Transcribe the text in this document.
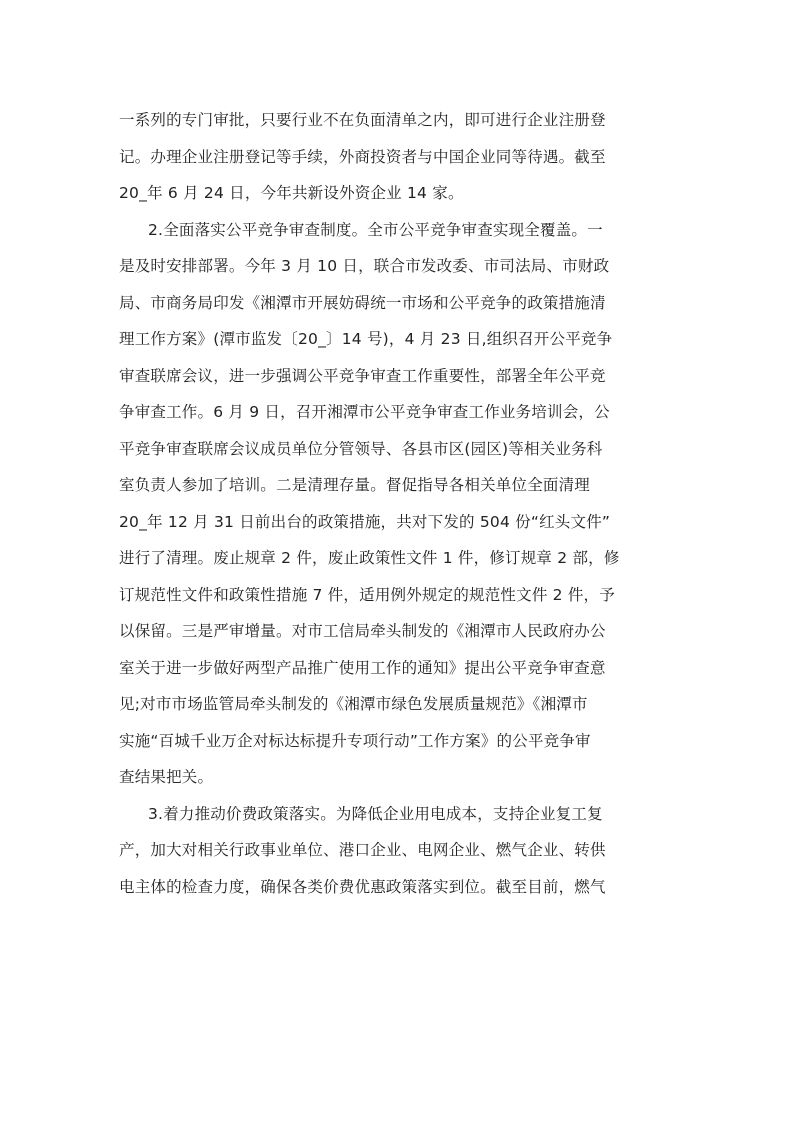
一系列的专门审批，只要行业不在负面清单之内，即可进行企业注册登
记。办理企业注册登记等手续，外商投资者与中国企业同等待遇。截至
20_年 6 月 24 日，今年共新设外资企业 14 家。
2.全面落实公平竞争审查制度。全市公平竞争审查实现全覆盖。一
是及时安排部署。今年 3 月 10 日，联合市发改委、市司法局、市财政
局、市商务局印发《湘潭市开展妨碍统一市场和公平竞争的政策措施清
理工作方案》(潭市监发〔20_〕14 号)，4 月 23 日,组织召开公平竞争
审查联席会议，进一步强调公平竞争审查工作重要性，部署全年公平竞
争审查工作。6 月 9 日，召开湘潭市公平竞争审查工作业务培训会，公
平竞争审查联席会议成员单位分管领导、各县市区(园区)等相关业务科
室负责人参加了培训。二是清理存量。督促指导各相关单位全面清理
20_年 12 月 31 日前出台的政策措施，共对下发的 504 份“红头文件”
进行了清理。废止规章 2 件，废止政策性文件 1 件，修订规章 2 部，修
订规范性文件和政策性措施 7 件，适用例外规定的规范性文件 2 件，予
以保留。三是严审增量。对市工信局牵头制发的《湘潭市人民政府办公
室关于进一步做好两型产品推广使用工作的通知》提出公平竞争审查意
见;对市市场监管局牵头制发的《湘潭市绿色发展质量规范》《湘潭市
实施“百城千业万企对标达标提升专项行动”工作方案》的公平竞争审
查结果把关。
3.着力推动价费政策落实。为降低企业用电成本，支持企业复工复
产，加大对相关行政事业单位、港口企业、电网企业、燃气企业、转供
电主体的检查力度，确保各类价费优惠政策落实到位。截至目前，燃气
